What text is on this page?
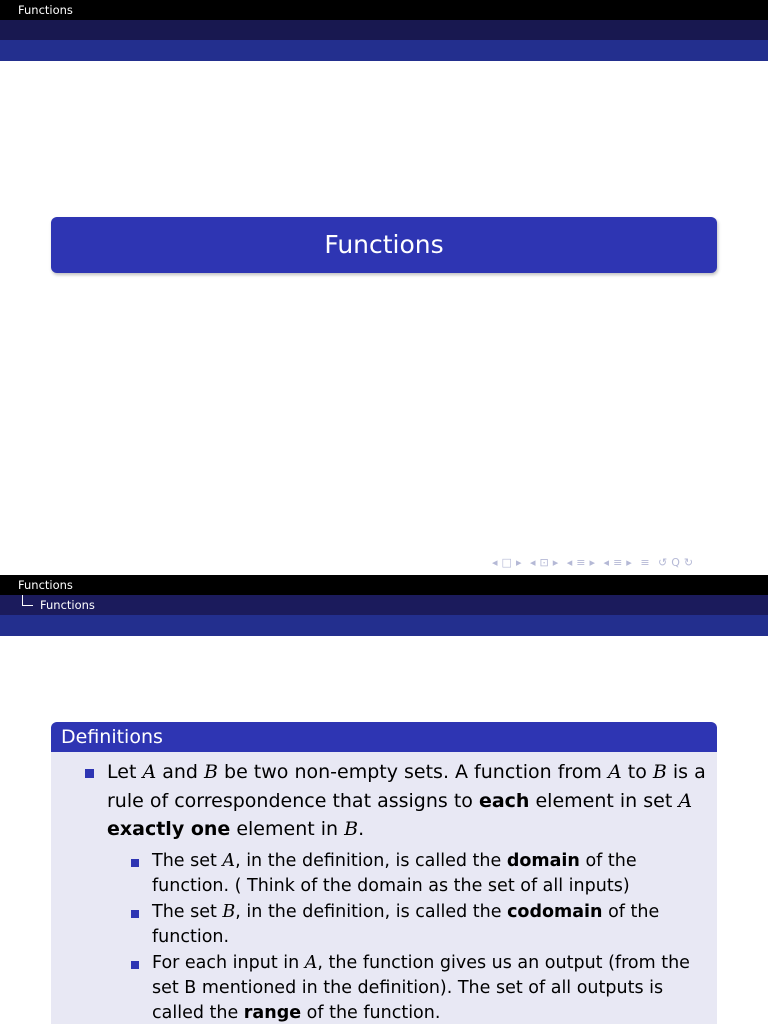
Functions
Functions
◂ □ ▸ ◂ ⊡ ▸ ◂ ≡ ▸ ◂ ≡ ▸ ≡ ↺ Q ↻
Functions
Functions
Definitions
Let A and B be two non-empty sets. A function from A to B is a rule of correspondence that assigns to each element in set A exactly one element in B.
The set A, in the definition, is called the domain of the function. ( Think of the domain as the set of all inputs)
The set B, in the definition, is called the codomain of the function.
For each input in A, the function gives us an output (from the set B mentioned in the definition). The set of all outputs is called the range of the function.
